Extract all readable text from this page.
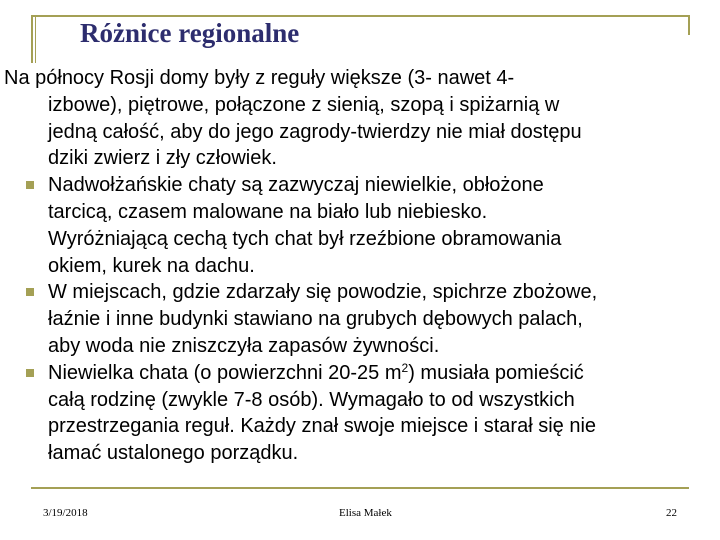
Różnice regionalne

Na północy Rosji domy były z reguły większe (3- nawet 4-
izbowe), piętrowe, połączone z sienią, szopą i spiżarnią w
jedną całość, aby do jego zagrody-twierdzy nie miał dostępu
dziki zwierz i zły człowiek.

Nadwołżańskie chaty są zazwyczaj niewielkie, obłożone
tarcicą, czasem malowane na biało lub niebiesko.
Wyróżniającą cechą tych chat był rzeźbione obramowania
okiem, kurek na dachu.

W miejscach, gdzie zdarzały się powodzie, spichrze zbożowe,
łaźnie i inne budynki stawiano na grubych dębowych palach,
aby woda nie zniszczyła zapasów żywności.

Niewielka chata (o powierzchni 20-25 $m^2$) musiała pomieścić
całą rodzinę (zwykle 7-8 osób). Wymagało to od wszystkich
przestrzegania reguł. Każdy znał swoje miejsce i starał się nie
łamać ustalonego porządku.

3/19/2018	Elisa Małek	22
